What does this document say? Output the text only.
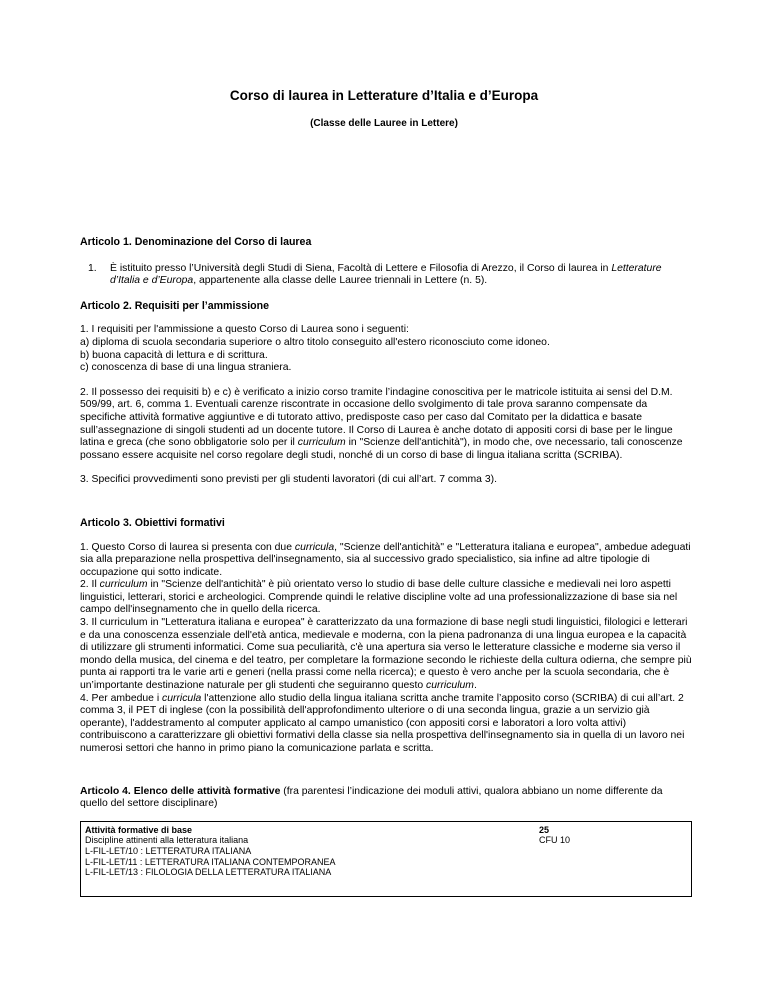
Corso di laurea in Letterature d’Italia e d’Europa
(Classe delle Lauree in Lettere)

Articolo 1. Denominazione del Corso di laurea

1.	È istituito presso l’Università degli Studi di Siena, Facoltà di Lettere e Filosofia di Arezzo, il Corso di laurea in Letterature d’Italia e d’Europa, appartenente alla classe delle Lauree triennali in Lettere (n. 5).

Articolo 2. Requisiti per l’ammissione

1. I requisiti per l'ammissione a questo Corso di Laurea sono i seguenti:
a) diploma di scuola secondaria superiore o altro titolo conseguito all'estero riconosciuto come idoneo.
b) buona capacità di lettura e di scrittura.
c) conoscenza di base di una lingua straniera.

2. Il possesso dei requisiti b) e c) è verificato a inizio corso tramite l’indagine conoscitiva per le matricole istituita ai sensi del D.M. 509/99, art. 6, comma 1. Eventuali carenze riscontrate in occasione dello svolgimento di tale prova saranno compensate da specifiche attività formative aggiuntive e di tutorato attivo, predisposte caso per caso dal Comitato per la didattica e basate sull’assegnazione di singoli studenti ad un docente tutore. Il Corso di Laurea è anche dotato di appositi corsi di base per le lingue latina e greca (che sono obbligatorie solo per il curriculum in "Scienze dell'antichità"), in modo che, ove necessario, tali conoscenze possano essere acquisite nel corso regolare degli studi, nonché di un corso di base di lingua italiana scritta (SCRIBA).

3. Specifici provvedimenti sono previsti per gli studenti lavoratori (di cui all’art. 7 comma 3).

Articolo 3. Obiettivi formativi

1. Questo Corso di laurea si presenta con due curricula, "Scienze dell'antichità" e "Letteratura italiana e europea", ambedue adeguati sia alla preparazione nella prospettiva dell'insegnamento, sia al successivo grado specialistico, sia infine ad altre tipologie di occupazione qui sotto indicate.

2. Il curriculum in "Scienze dell'antichità" è più orientato verso lo studio di base delle culture classiche e medievali nei loro aspetti linguistici, letterari, storici e archeologici. Comprende quindi le relative discipline volte ad una professionalizzazione di base sia nel campo dell'insegnamento che in quello della ricerca.

3. Il curriculum in "Letteratura italiana e europea" è caratterizzato da una formazione di base negli studi linguistici, filologici e letterari e da una conoscenza essenziale dell'età antica, medievale e moderna, con la piena padronanza di una lingua europea e la capacità di utilizzare gli strumenti informatici. Come sua peculiarità, c'è una apertura sia verso le letterature classiche e moderne sia verso il mondo della musica, del cinema e del teatro, per completare la formazione secondo le richieste della cultura odierna, che sempre più punta ai rapporti tra le varie arti e generi (nella prassi come nella ricerca); e questo è vero anche per la scuola secondaria, che è un’importante destinazione naturale per gli studenti che seguiranno questo curriculum.

4. Per ambedue i curricula l'attenzione allo studio della lingua italiana scritta anche tramite l’apposito corso (SCRIBA) di cui all’art. 2 comma 3, il PET di inglese (con la possibilità dell'approfondimento ulteriore o di una seconda lingua, grazie a un servizio già operante), l'addestramento al computer applicato al campo umanistico (con appositi corsi e laboratori a loro volta attivi) contribuiscono a caratterizzare gli obiettivi formativi della classe sia nella prospettiva dell'insegnamento sia in quella di un lavoro nei numerosi settori che hanno in primo piano la comunicazione parlata e scritta.

Articolo 4. Elenco delle attività formative (fra parentesi l’indicazione dei moduli attivi, qualora abbiano un nome differente da quello del settore disciplinare)

Attività formative di base
Discipline attinenti alla letteratura italiana
L-FIL-LET/10 : LETTERATURA ITALIANA
L-FIL-LET/11 : LETTERATURA ITALIANA CONTEMPORANEA
L-FIL-LET/13 : FILOLOGIA DELLA LETTERATURA ITALIANA
25
CFU 10
